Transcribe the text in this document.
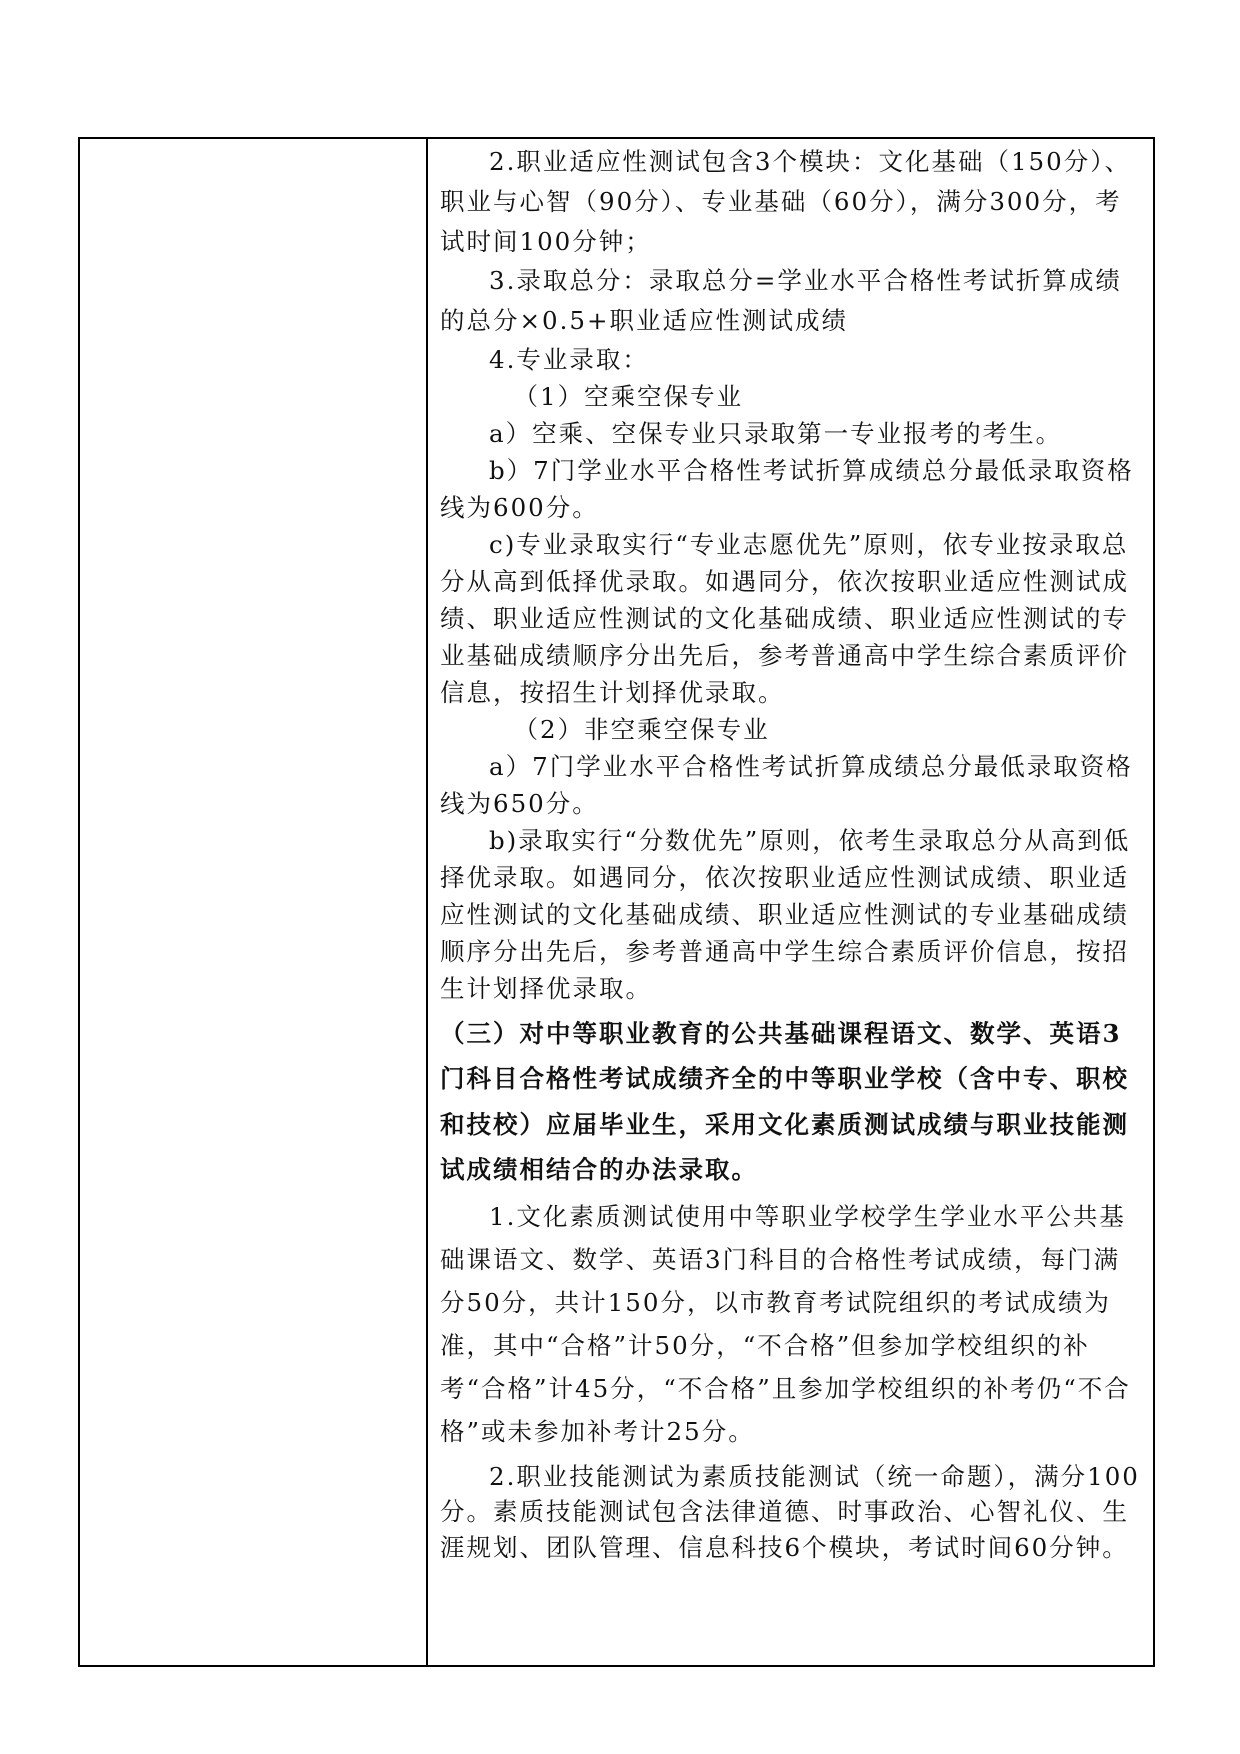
2.职业适应性测试包含3个模块：文化基础（150分）、职业与心智（90分）、专业基础（60分），满分300分，考试时间100分钟；

3.录取总分：录取总分=学业水平合格性考试折算成绩的总分×0.5+职业适应性测试成绩

4.专业录取：

（1）空乘空保专业

a）空乘、空保专业只录取第一专业报考的考生。

b）7门学业水平合格性考试折算成绩总分最低录取资格线为600分。

c)专业录取实行“专业志愿优先”原则，依专业按录取总分从高到低择优录取。如遇同分，依次按职业适应性测试成绩、职业适应性测试的文化基础成绩、职业适应性测试的专业基础成绩顺序分出先后，参考普通高中学生综合素质评价信息，按招生计划择优录取。

（2）非空乘空保专业

a）7门学业水平合格性考试折算成绩总分最低录取资格线为650分。

b)录取实行“分数优先”原则，依考生录取总分从高到低择优录取。如遇同分，依次按职业适应性测试成绩、职业适应性测试的文化基础成绩、职业适应性测试的专业基础成绩顺序分出先后，参考普通高中学生综合素质评价信息，按招生计划择优录取。

（三）对中等职业教育的公共基础课程语文、数学、英语3门科目合格性考试成绩齐全的中等职业学校（含中专、职校和技校）应届毕业生，采用文化素质测试成绩与职业技能测试成绩相结合的办法录取。

1.文化素质测试使用中等职业学校学生学业水平公共基础课语文、数学、英语3门科目的合格性考试成绩，每门满分50分，共计150分，以市教育考试院组织的考试成绩为准，其中“合格”计50分，“不合格”但参加学校组织的补考“合格”计45分，“不合格”且参加学校组织的补考仍“不合格”或未参加补考计25分。

2.职业技能测试为素质技能测试（统一命题），满分100分。素质技能测试包含法律道德、时事政治、心智礼仪、生涯规划、团队管理、信息科技6个模块，考试时间60分钟。
